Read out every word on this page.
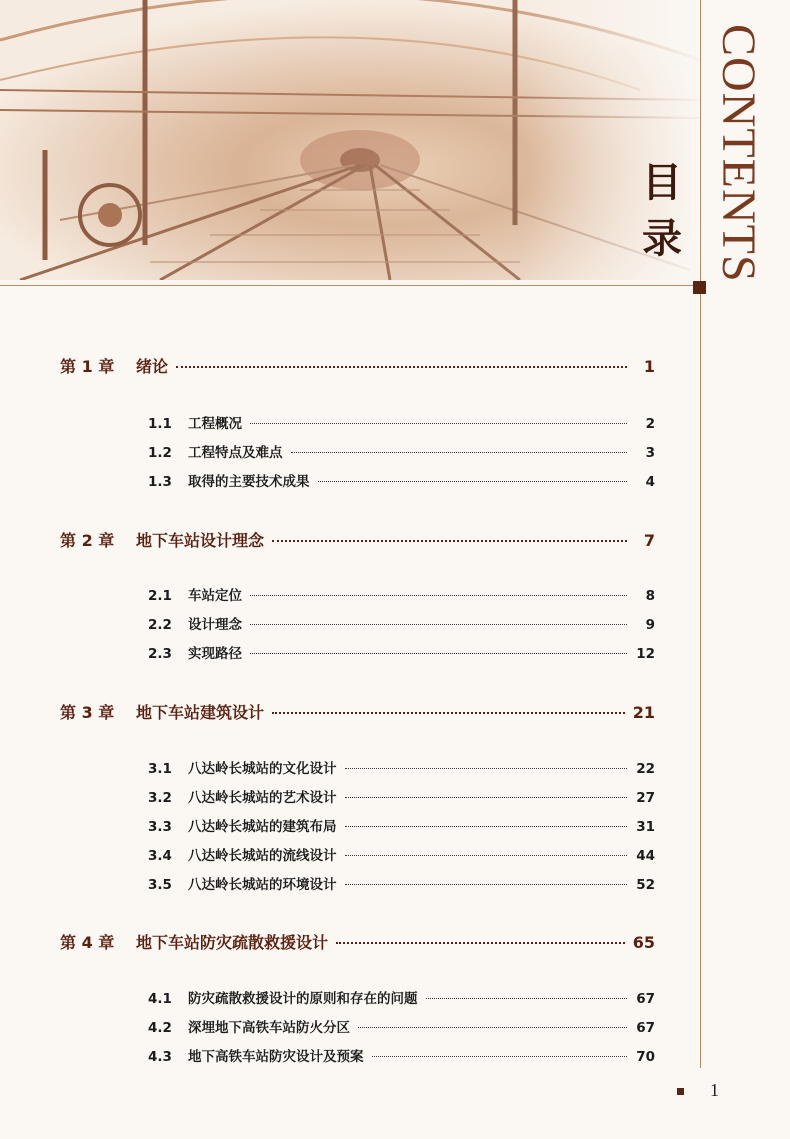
CONTENTS
目
录
第 1 章	绪论	1
1.1	工程概况	2
1.2	工程特点及难点	3
1.3	取得的主要技术成果	4
第 2 章	地下车站设计理念	7
2.1	车站定位	8
2.2	设计理念	9
2.3	实现路径	12
第 3 章	地下车站建筑设计	21
3.1	八达岭长城站的文化设计	22
3.2	八达岭长城站的艺术设计	27
3.3	八达岭长城站的建筑布局	31
3.4	八达岭长城站的流线设计	44
3.5	八达岭长城站的环境设计	52
第 4 章	地下车站防灾疏散救援设计	65
4.1	防灾疏散救援设计的原则和存在的问题	67
4.2	深埋地下高铁车站防火分区	67
4.3	地下高铁车站防灾设计及预案	70
1
